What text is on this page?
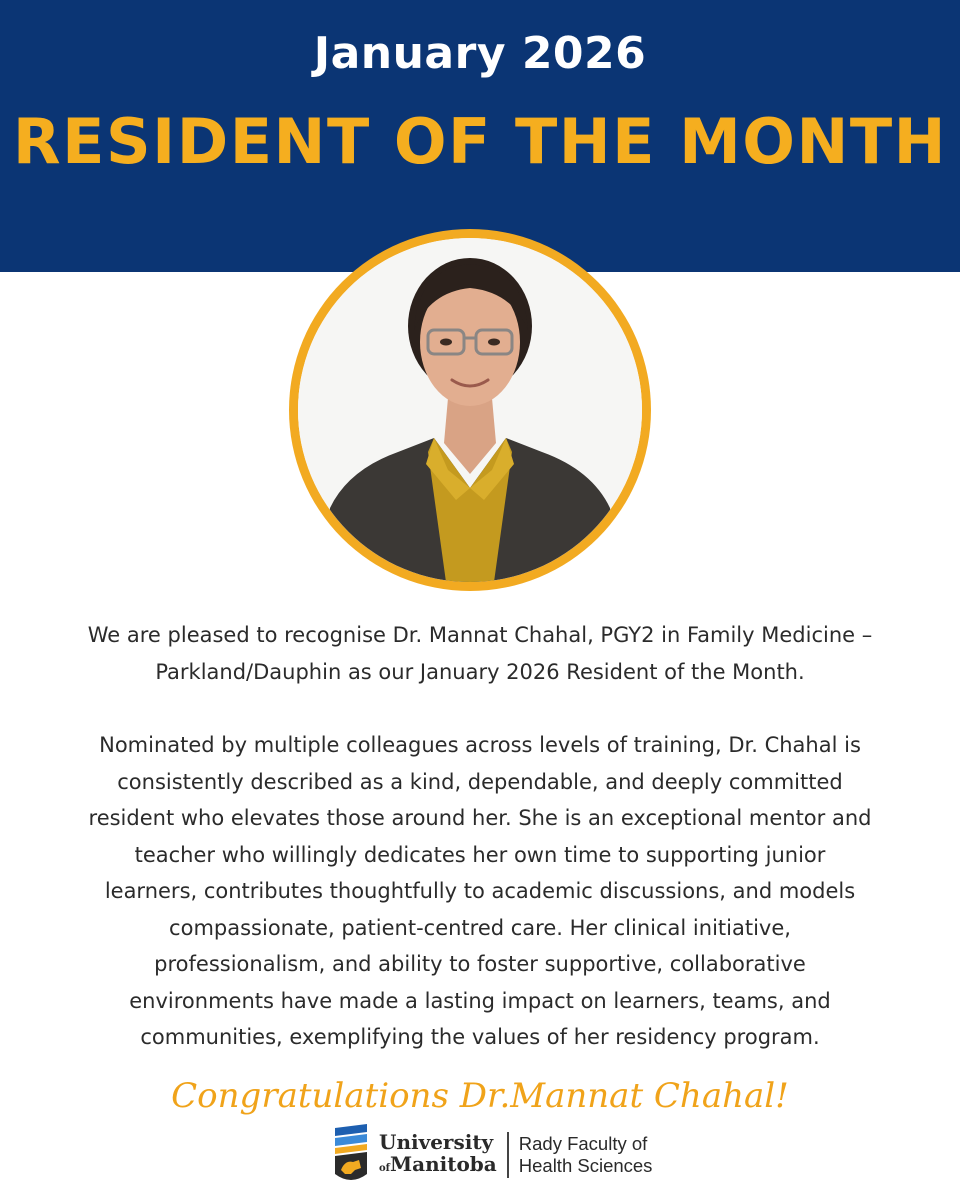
January 2026
RESIDENT OF THE MONTH
We are pleased to recognise Dr. Mannat Chahal, PGY2 in Family Medicine –
Parkland/Dauphin as our January 2026 Resident of the Month.
Nominated by multiple colleagues across levels of training, Dr. Chahal is
consistently described as a kind, dependable, and deeply committed
resident who elevates those around her. She is an exceptional mentor and
teacher who willingly dedicates her own time to supporting junior
learners, contributes thoughtfully to academic discussions, and models
compassionate, patient-centred care. Her clinical initiative,
professionalism, and ability to foster supportive, collaborative
environments have made a lasting impact on learners, teams, and
communities, exemplifying the values of her residency program.
Congratulations Dr.Mannat Chahal!
University
ofManitoba
Rady Faculty of
Health Sciences
